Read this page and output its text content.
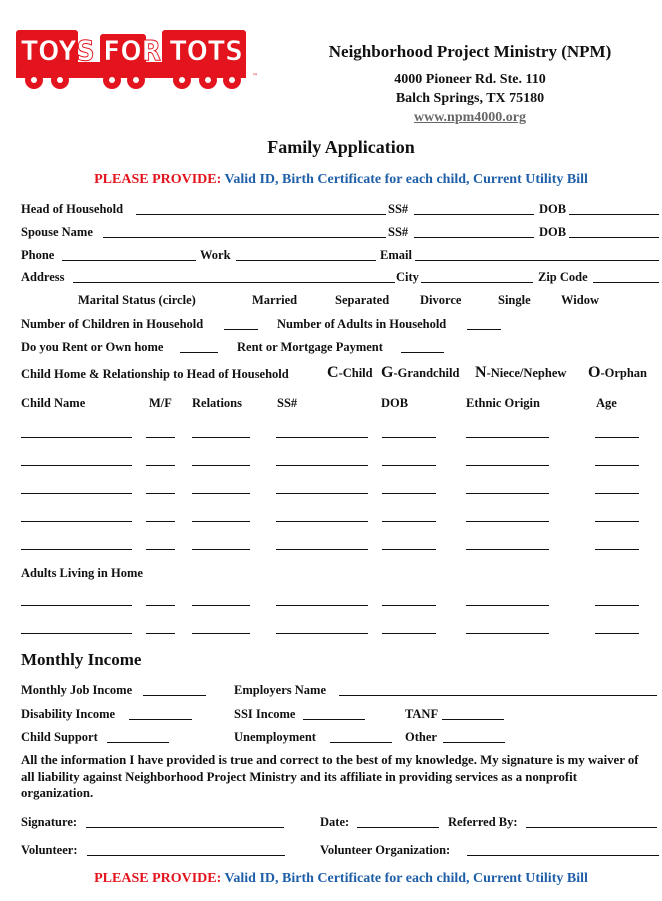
TOYS FOR TOTS
™
Neighborhood Project Ministry (NPM)
4000 Pioneer Rd. Ste. 110
Balch Springs, TX 75180
www.npm4000.org
Family Application
PLEASE PROVIDE: Valid ID, Birth Certificate for each child, Current Utility Bill
Head of Household	SS#	DOB
Spouse Name	SS#	DOB
Phone	Work	Email
Address	City	Zip Code
Marital Status (circle)	Married	Separated Divorce	Single Widow
Number of Children in Household	Number of Adults in Household
Do you Rent or Own home	Rent or Mortgage Payment
Child Home & Relationship to Head of Household C-Child G-Grandchild N-Niece/Nephew O-Orphan
Child Name	M/F Relations	SS#	DOB	Ethnic Origin	Age
Adults Living in Home
Monthly Income
Monthly Job Income	Employers Name
Disability Income	SSI Income	TANF
Child Support	Unemployment	Other
All the information I have provided is true and correct to the best of my knowledge. My signature is my waiver of all liability against Neighborhood Project Ministry and its affiliate in providing services as a nonprofit organization.
Signature:	Date:	Referred By:
Volunteer:	Volunteer Organization:
PLEASE PROVIDE: Valid ID, Birth Certificate for each child, Current Utility Bill
